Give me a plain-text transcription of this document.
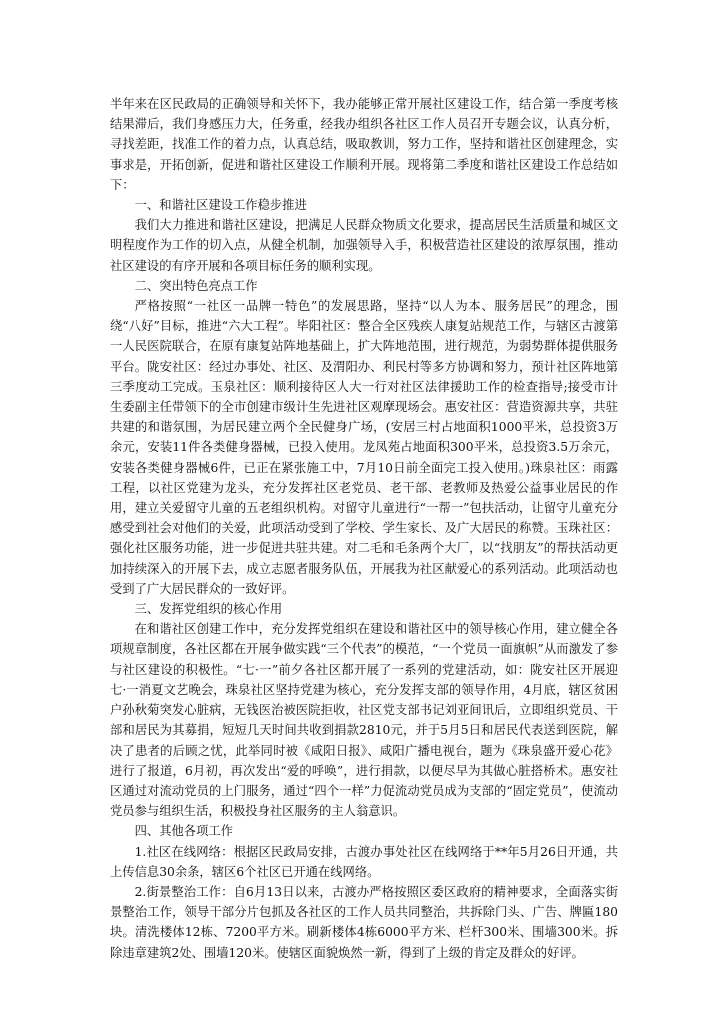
半年来在区民政局的正确领导和关怀下，我办能够正常开展社区建设工作，结合第一季度考核结果滞后，我们身感压力大，任务重，经我办组织各社区工作人员召开专题会议，认真分析，寻找差距，找准工作的着力点，认真总结，吸取教训，努力工作，坚持和谐社区创建理念，实事求是，开拓创新，促进和谐社区建设工作顺利开展。现将第二季度和谐社区建设工作总结如下：

一、和谐社区建设工作稳步推进

我们大力推进和谐社区建设，把满足人民群众物质文化要求，提高居民生活质量和城区文明程度作为工作的切入点，从健全机制，加强领导入手，积极营造社区建设的浓厚氛围，推动社区建设的有序开展和各项目标任务的顺利实现。

二、突出特色亮点工作

严格按照“一社区一品牌一特色”的发展思路，坚持“以人为本、服务居民”的理念，围绕“八好”目标，推进“六大工程”。毕阳社区：整合全区残疾人康复站规范工作，与辖区古渡第一人民医院联合，在原有康复站阵地基础上，扩大阵地范围，进行规范，为弱势群体提供服务平台。陇安社区：经过办事处、社区、及渭阳办、利民村等多方协调和努力，预计社区阵地第三季度动工完成。玉泉社区：顺利接待区人大一行对社区法律援助工作的检查指导;接受市计生委副主任带领下的全市创建市级计生先进社区观摩现场会。惠安社区：营造资源共享，共驻共建的和谐氛围，为居民建立两个全民健身广场，(安居三村占地面积1000平米，总投资3万余元，安装11件各类健身器械，已投入使用。龙凤苑占地面积300平米，总投资3.5万余元，安装各类健身器械6件，已正在紧张施工中，7月10日前全面完工投入使用。)珠泉社区：雨露工程，以社区党建为龙头，充分发挥社区老党员、老干部、老教师及热爱公益事业居民的作用，建立关爱留守儿童的五老组织机构。对留守儿童进行“一帮一”包扶活动，让留守儿童充分感受到社会对他们的关爱，此项活动受到了学校、学生家长、及广大居民的称赞。玉珠社区：强化社区服务功能，进一步促进共驻共建。对二毛和毛条两个大厂，以“找朋友”的帮扶活动更加持续深入的开展下去，成立志愿者服务队伍，开展我为社区献爱心的系列活动。此项活动也受到了广大居民群众的一致好评。

三、发挥党组织的核心作用

在和谐社区创建工作中，充分发挥党组织在建设和谐社区中的领导核心作用，建立健全各项规章制度，各社区都在开展争做实践“三个代表”的模范，“一个党员一面旗帜”从而激发了参与社区建设的积极性。“七·一”前夕各社区都开展了一系列的党建活动，如：陇安社区开展迎七·一消夏文艺晚会，珠泉社区坚持党建为核心，充分发挥支部的领导作用，4月底，辖区贫困户孙秋菊突发心脏病，无钱医治被医院拒收，社区党支部书记刘亚间讯后，立即组织党员、干部和居民为其募捐，短短几天时间共收到捐款2810元，并于5月5日和居民代表送到医院，解决了患者的后顾之忧，此举同时被《咸阳日报》、咸阳广播电视台，题为《珠泉盛开爱心花》进行了报道，6月初，再次发出“爱的呼唤”，进行捐款，以便尽早为其做心脏搭桥术。惠安社区通过对流动党员的上门服务，通过“四个一样”力促流动党员成为支部的“固定党员”，使流动党员参与组织生活，积极投身社区服务的主人翁意识。

四、其他各项工作

1.社区在线网络：根据区民政局安排，古渡办事处社区在线网络于**年5月26日开通，共上传信息30余条，辖区6个社区已开通在线网络。

2.街景整治工作：自6月13日以来，古渡办严格按照区委区政府的精神要求，全面落实街景整治工作，领导干部分片包抓及各社区的工作人员共同整治，共拆除门头、广告、牌匾180块。清洗楼体12栋、7200平方米。刷新楼体4栋6000平方米、栏杆300米、围墙300米。拆除违章建筑2处、围墙120米。使辖区面貌焕然一新，得到了上级的肯定及群众的好评。
